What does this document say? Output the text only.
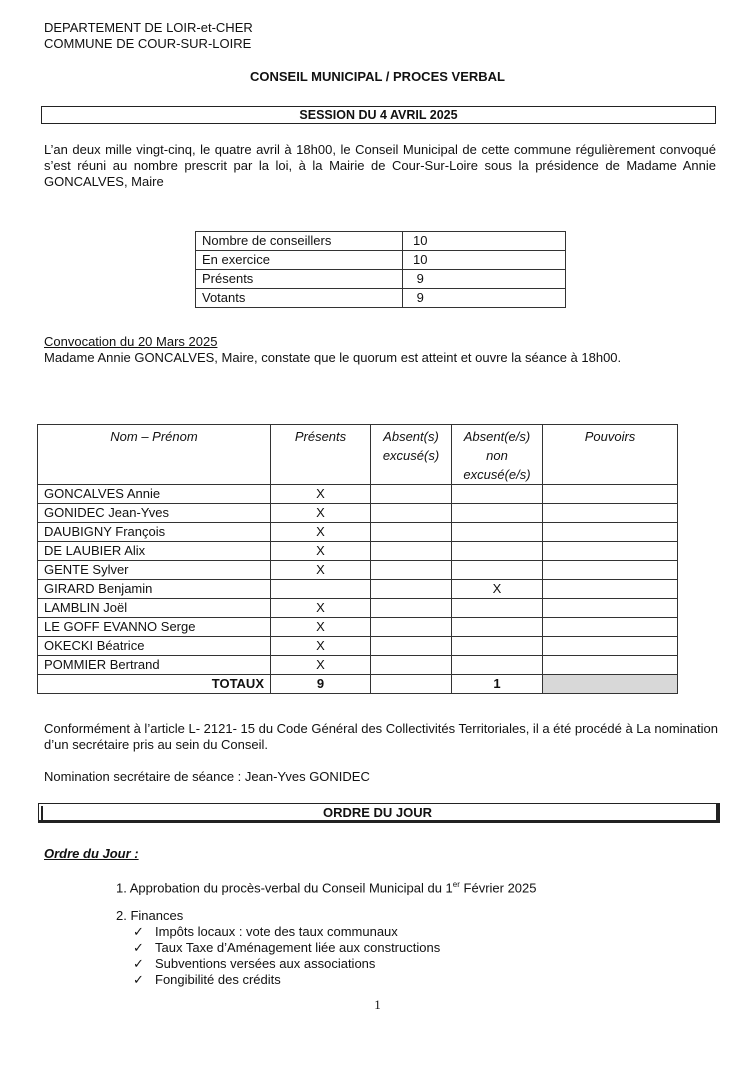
DEPARTEMENT DE LOIR-et-CHER
COMMUNE DE COUR-SUR-LOIRE
CONSEIL MUNICIPAL / PROCES VERBAL
SESSION DU 4 AVRIL 2025
L’an deux mille vingt-cinq, le quatre avril à 18h00, le Conseil Municipal de cette commune régulièrement convoqué s’est réuni au nombre prescrit par la loi, à la Mairie de Cour-Sur-Loire sous la présidence de Madame Annie GONCALVES, Maire
Nombre de conseillers	10
En exercice	10
Présents	9
Votants	9
Convocation du 20 Mars 2025
Madame Annie GONCALVES, Maire, constate que le quorum est atteint et ouvre la séance à 18h00.
Nom – Prénom	Présents	Absent(s) excusé(s)	Absent(e/s) non excusé(e/s)	Pouvoirs
GONCALVES Annie	X			
GONIDEC Jean-Yves	X			
DAUBIGNY François	X			
DE LAUBIER Alix	X			
GENTE Sylver	X			
GIRARD Benjamin			X	
LAMBLIN Joël	X			
LE GOFF EVANNO Serge	X			
OKECKI Béatrice	X			
POMMIER Bertrand	X			
TOTAUX	9		1	
Conformément à l’article L- 2121- 15 du Code Général des Collectivités Territoriales, il a été procédé à La nomination d’un secrétaire pris au sein du Conseil.
Nomination secrétaire de séance : Jean-Yves GONIDEC
ORDRE DU JOUR
Ordre du Jour :
1. Approbation du procès-verbal du Conseil Municipal du 1er Février 2025
2. Finances
✓ Impôts locaux : vote des taux communaux
✓ Taux Taxe d’Aménagement liée aux constructions
✓ Subventions versées aux associations
✓ Fongibilité des crédits
1
